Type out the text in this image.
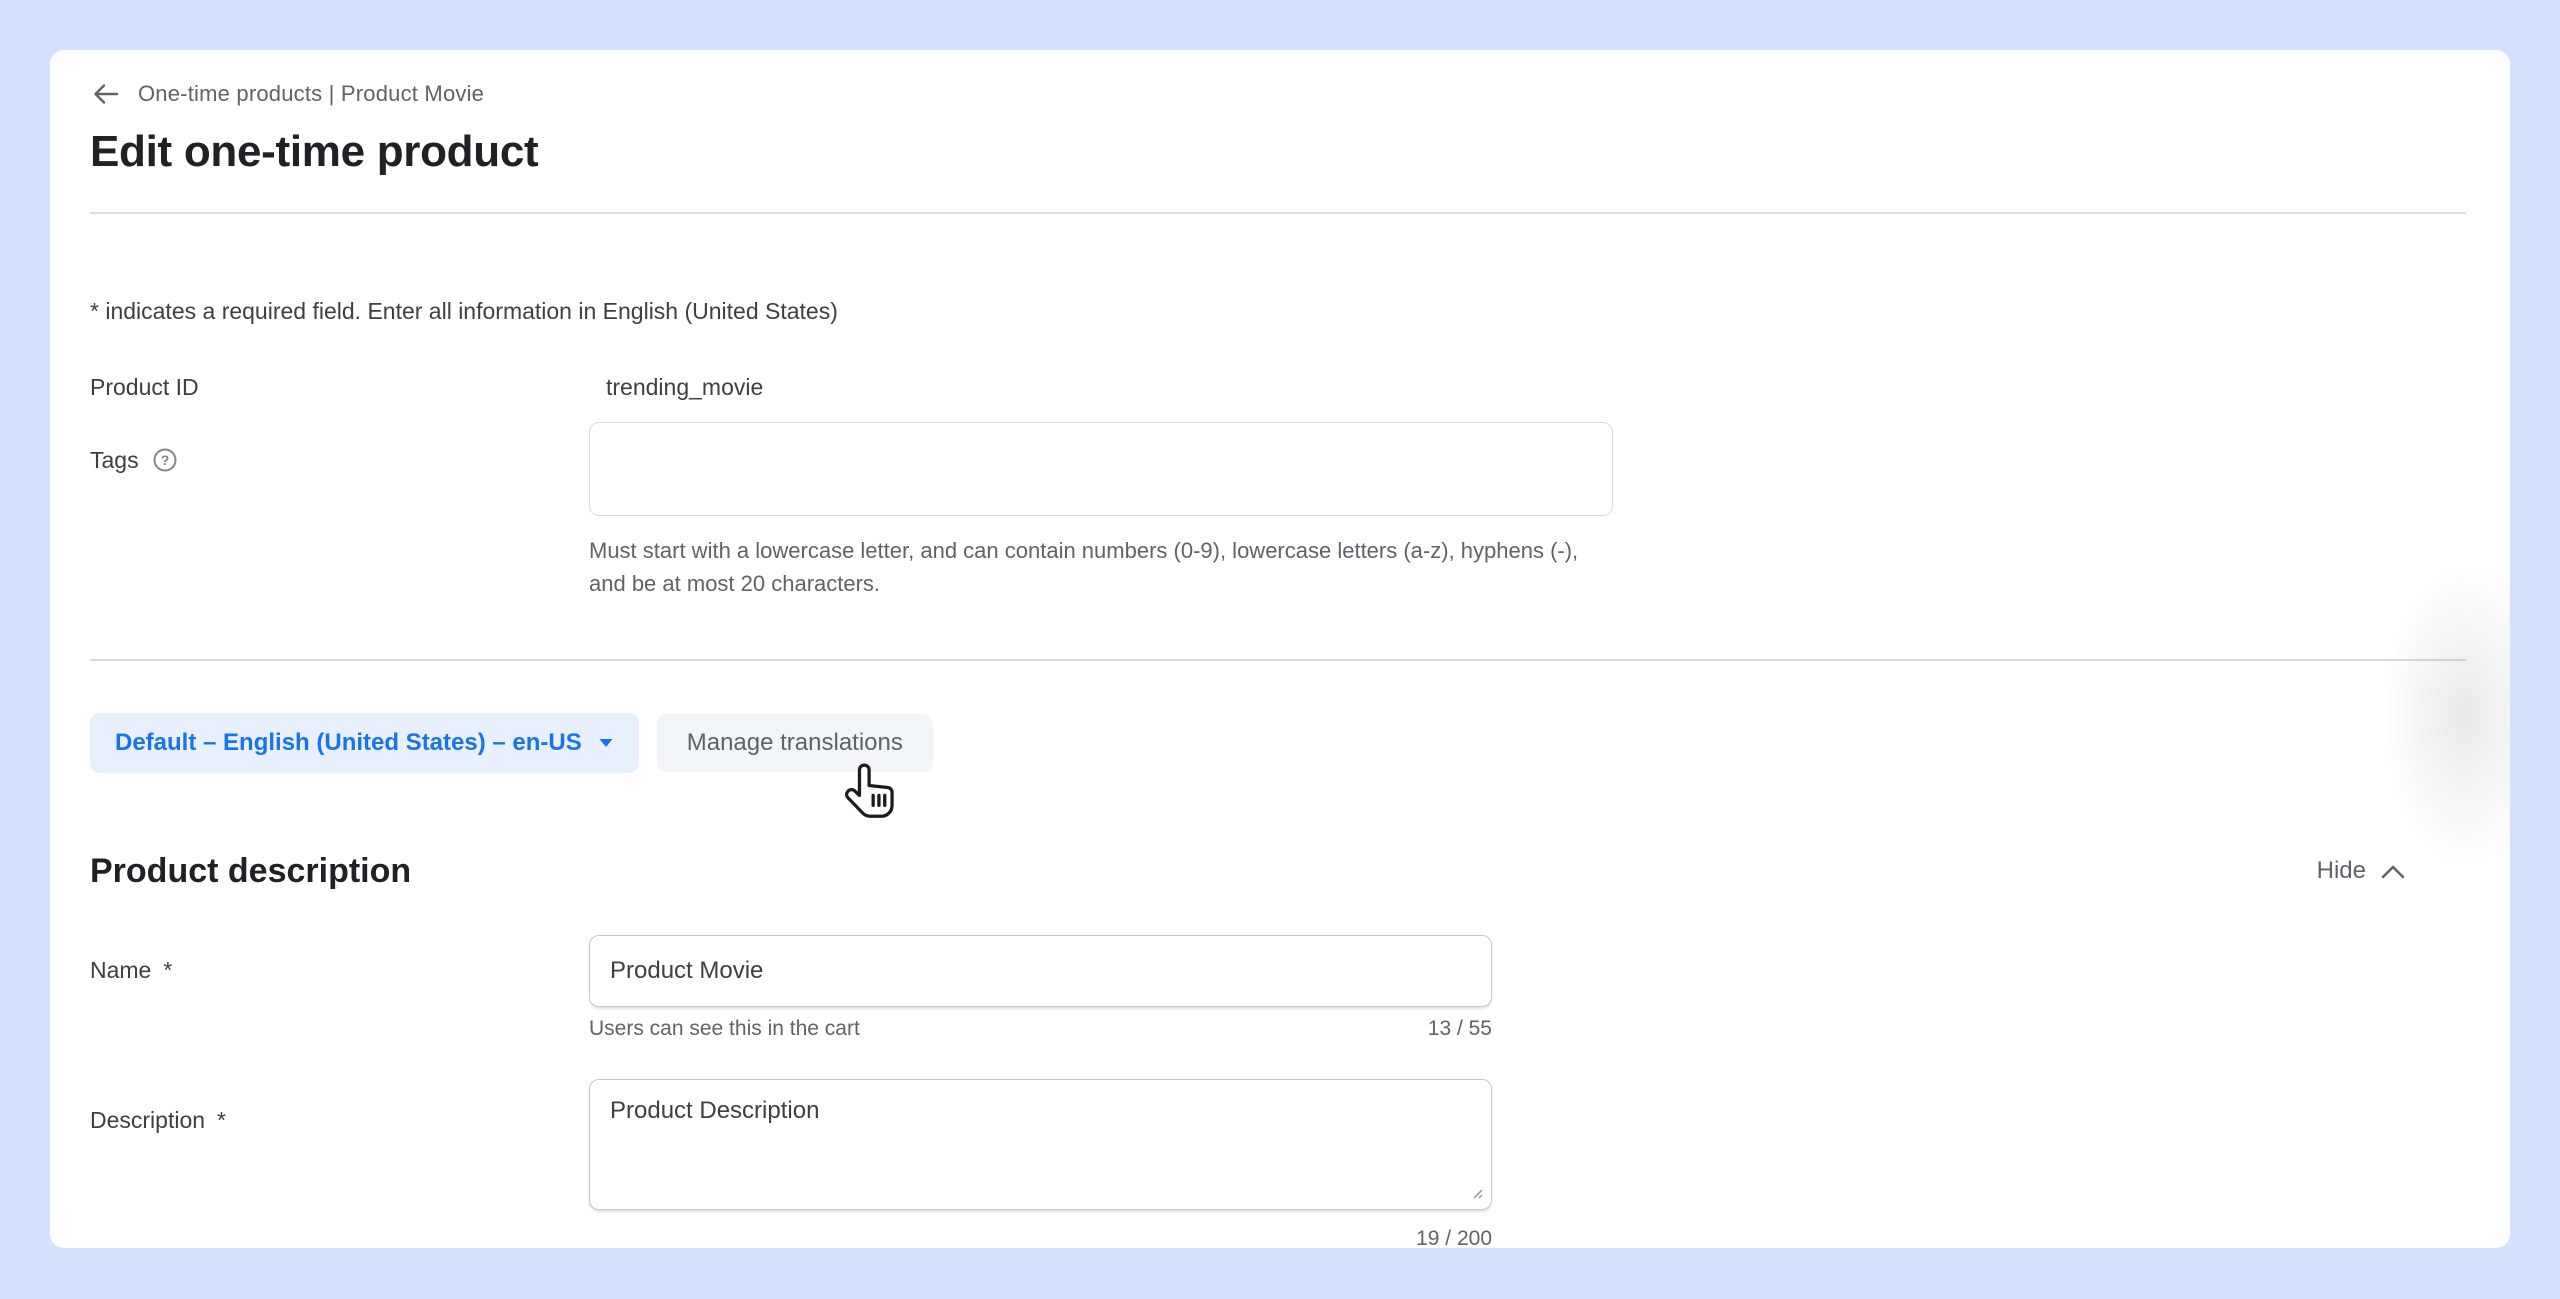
One-time products | Product Movie
Edit one-time product
* indicates a required field. Enter all information in English (United States)
Product ID	trending_movie
Tags ?
Must start with a lowercase letter, and can contain numbers (0-9), lowercase letters (a-z), hyphens (-), and be at most 20 characters.
Default – English (United States) – en-US	Manage translations
Product description	Hide
Name *
Product Movie
Users can see this in the cart	13 / 55
Description *
Product Description
19 / 200
